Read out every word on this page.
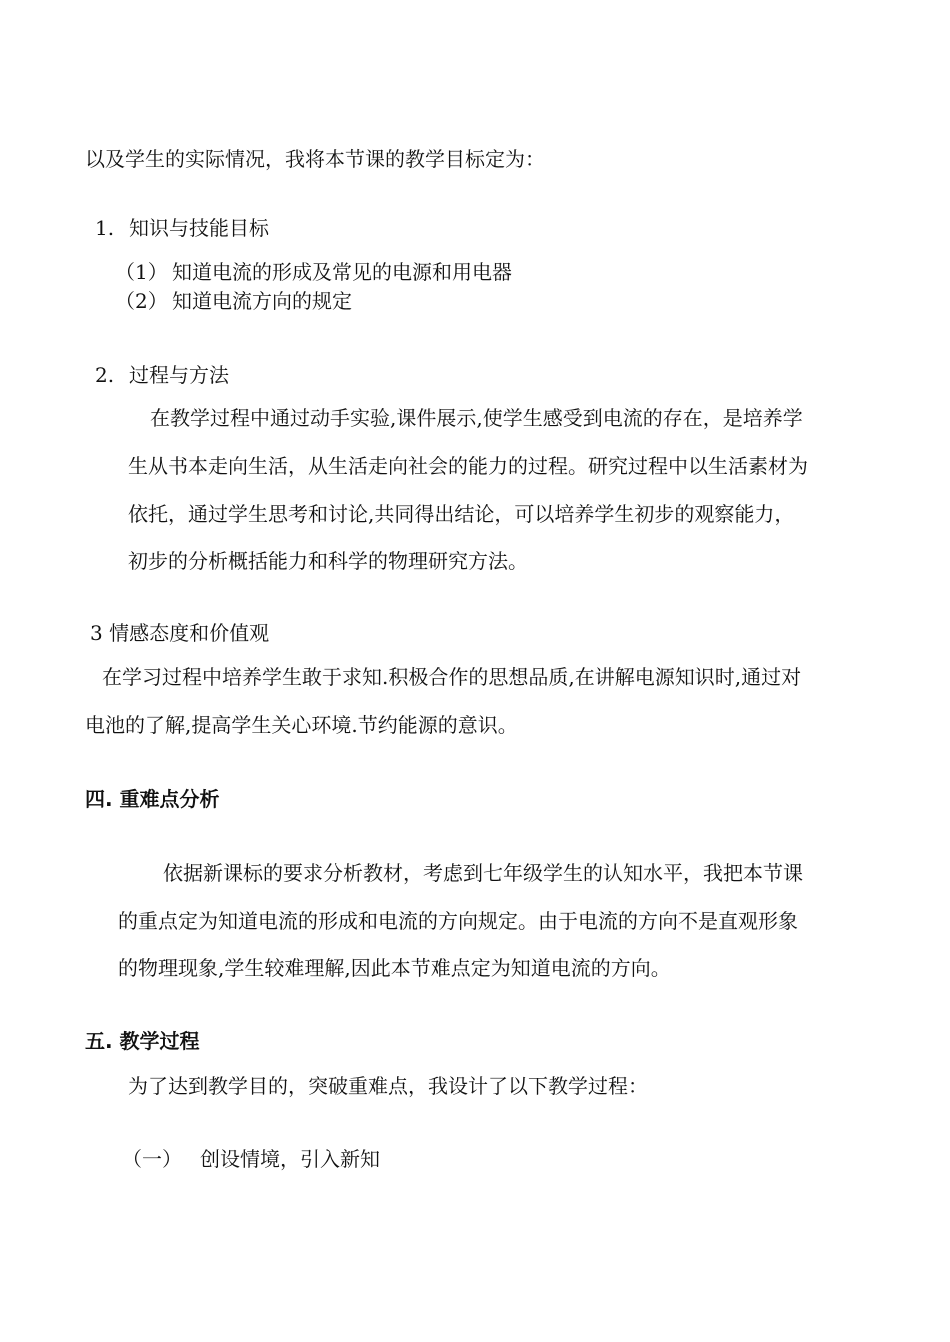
以及学生的实际情况，我将本节课的教学目标定为：
1. 知识与技能目标
（1） 知道电流的形成及常见的电源和用电器
（2） 知道电流方向的规定
2. 过程与方法
在教学过程中通过动手实验,课件展示,使学生感受到电流的存在，是培养学
生从书本走向生活，从生活走向社会的能力的过程。研究过程中以生活素材为
依托，通过学生思考和讨论,共同得出结论，可以培养学生初步的观察能力，
初步的分析概括能力和科学的物理研究方法。
3 情感态度和价值观
在学习过程中培养学生敢于求知.积极合作的思想品质,在讲解电源知识时,通过对
电池的了解,提高学生关心环境.节约能源的意识。
四. 重难点分析
依据新课标的要求分析教材，考虑到七年级学生的认知水平，我把本节课
的重点定为知道电流的形成和电流的方向规定。由于电流的方向不是直观形象
的物理现象,学生较难理解,因此本节难点定为知道电流的方向。
五. 教学过程
为了达到教学目的，突破重难点，我设计了以下教学过程：
（一） 创设情境，引入新知
